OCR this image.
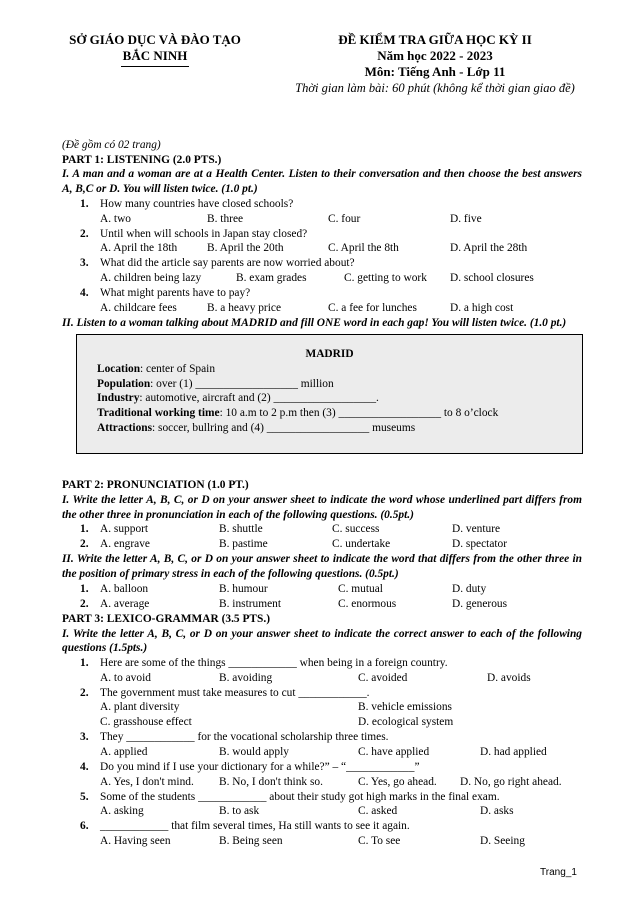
SỞ GIÁO DỤC VÀ ĐÀO TẠO
BẮC NINH
ĐỀ KIỂM TRA GIỮA HỌC KỲ II
Năm học 2022 - 2023
Môn: Tiếng Anh - Lớp 11
Thời gian làm bài: 60 phút (không kể thời gian giao đề)
(Đề gồm có 02 trang)
PART 1: LISTENING (2.0 PTS.)
I. A man and a woman are at a Health Center. Listen to their conversation and then choose the best answers A, B,C or D. You will listen twice. (1.0 pt.)
1. How many countries have closed schools?
A. two	B. three	C. four	D. five
2. Until when will schools in Japan stay closed?
A. April the 18th	B. April the 20th	C. April the 8th	D. April the 28th
3. What did the article say parents are now worried about?
A. children being lazy	B. exam grades	C. getting to work D. school closures
4. What might parents have to pay?
A. childcare fees	B. a heavy price	C. a fee for lunches	D. a high cost
II. Listen to a woman talking about MADRID and fill ONE word in each gap! You will listen twice. (1.0 pt.)
MADRID
Location: center of Spain
Population: over (1) __________________ million
Industry: automotive, aircraft and (2) __________________.
Traditional working time: 10 a.m to 2 p.m then (3) __________________ to 8 o’clock
Attractions: soccer, bullring and (4) __________________ museums
PART 2: PRONUNCIATION (1.0 PT.)
I. Write the letter A, B, C, or D on your answer sheet to indicate the word whose underlined part differs from the other three in pronunciation in each of the following questions. (0.5pt.)
1. A. support	B. shuttle	C. success	D. venture
2. A. engrave	B. pastime	C. undertake	D. spectator
II. Write the letter A, B, C, or D on your answer sheet to indicate the word that differs from the other three in the position of primary stress in each of the following questions. (0.5pt.)
1. A. balloon	B. humour	C. mutual	D. duty
2. A. average	B. instrument	C. enormous	D. generous
PART 3: LEXICO-GRAMMAR (3.5 PTS.)
I. Write the letter A, B, C, or D on your answer sheet to indicate the correct answer to each of the following questions (1.5pts.)
1. Here are some of the things ____________ when being in a foreign country.
A. to avoid	B. avoiding	C. avoided	D. avoids
2. The government must take measures to cut ____________.
A. plant diversity	B. vehicle emissions
C. grasshouse effect	D. ecological system
3. They ____________ for the vocational scholarship three times.
A. applied	B. would apply	C. have applied	D. had applied
4. Do you mind if I use your dictionary for a while?” – “____________”
A. Yes, I don't mind. B. No, I don't think so.	C. Yes, go ahead. D. No, go right ahead.
5. Some of the students ____________ about their study got high marks in the final exam.
A. asking	B. to ask	C. asked	D. asks
6. ____________ that film several times, Ha still wants to see it again.
A. Having seen	B. Being seen	C. To see	D. Seeing
Trang_1
